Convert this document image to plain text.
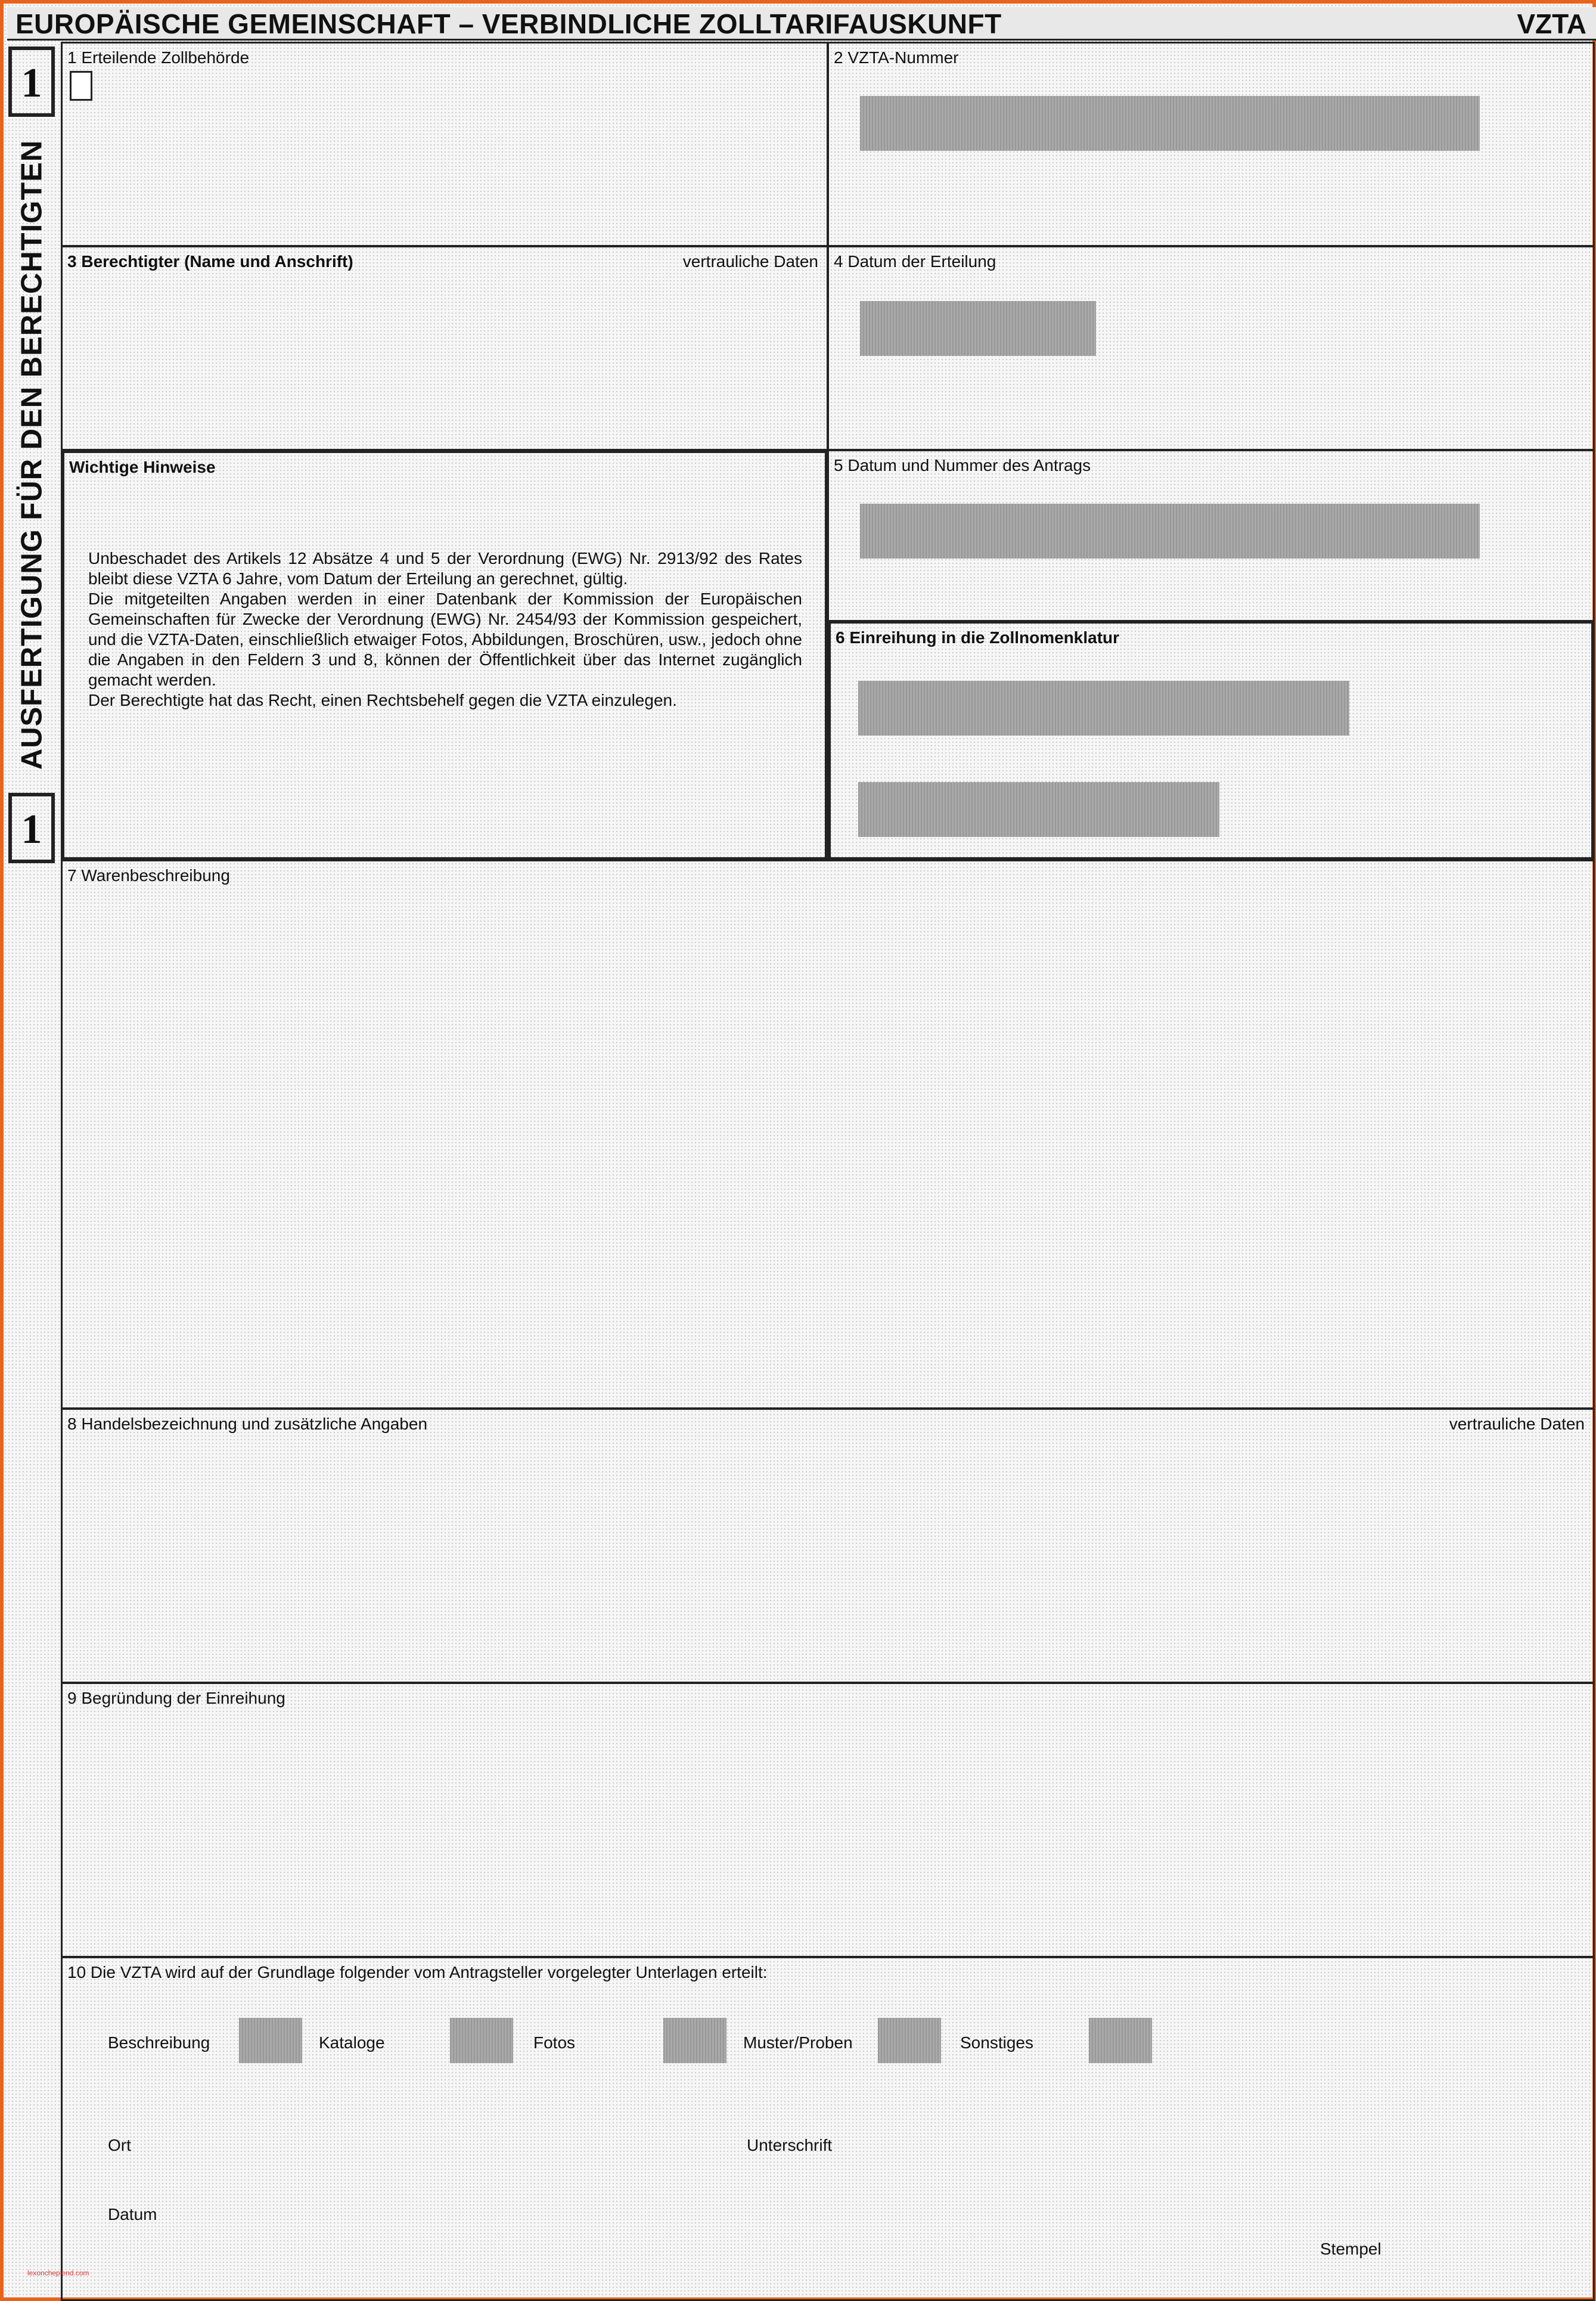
EUROPÄISCHE GEMEINSCHAFT – VERBINDLICHE ZOLLTARIFAUSKUNFT	VZTA
1
AUSFERTIGUNG FÜR DEN BERECHTIGTEN
1
1 Erteilende Zollbehörde	2 VZTA-Nummer
3 Berechtigter (Name und Anschrift)	vertrauliche Daten 4 Datum der Erteilung
Wichtige Hinweise

Unbeschadet des Artikels 12 Absätze 4 und 5 der Verordnung (EWG) Nr. 2913/92 des Rates bleibt diese VZTA 6 Jahre, vom Datum der Erteilung an gerechnet, gültig.

Die mitgeteilten Angaben werden in einer Datenbank der Kommission der Europäischen Gemeinschaften für Zwecke der Verordnung (EWG) Nr. 2454/93 der Kommission gespeichert, und die VZTA-Daten, einschließlich etwaiger Fotos, Abbildungen, Broschüren, usw., jedoch ohne die Angaben in den Feldern 3 und 8, können der Öffentlichkeit über das Internet zugänglich gemacht werden.

Der Berechtigte hat das Recht, einen Rechtsbehelf gegen die VZTA einzulegen.

5 Datum und Nummer des Antrags
6 Einreihung in die Zollnomenklatur
7 Warenbeschreibung
8 Handelsbezeichnung und zusätzliche Angaben	vertrauliche Daten
9 Begründung der Einreihung
10 Die VZTA wird auf der Grundlage folgender vom Antragsteller vorgelegter Unterlagen erteilt:
Beschreibung	Kataloge	Fotos	Muster/Proben	Sonstiges
Ort	Unterschrift
Datum
Stempel
lexoncheplend.com
